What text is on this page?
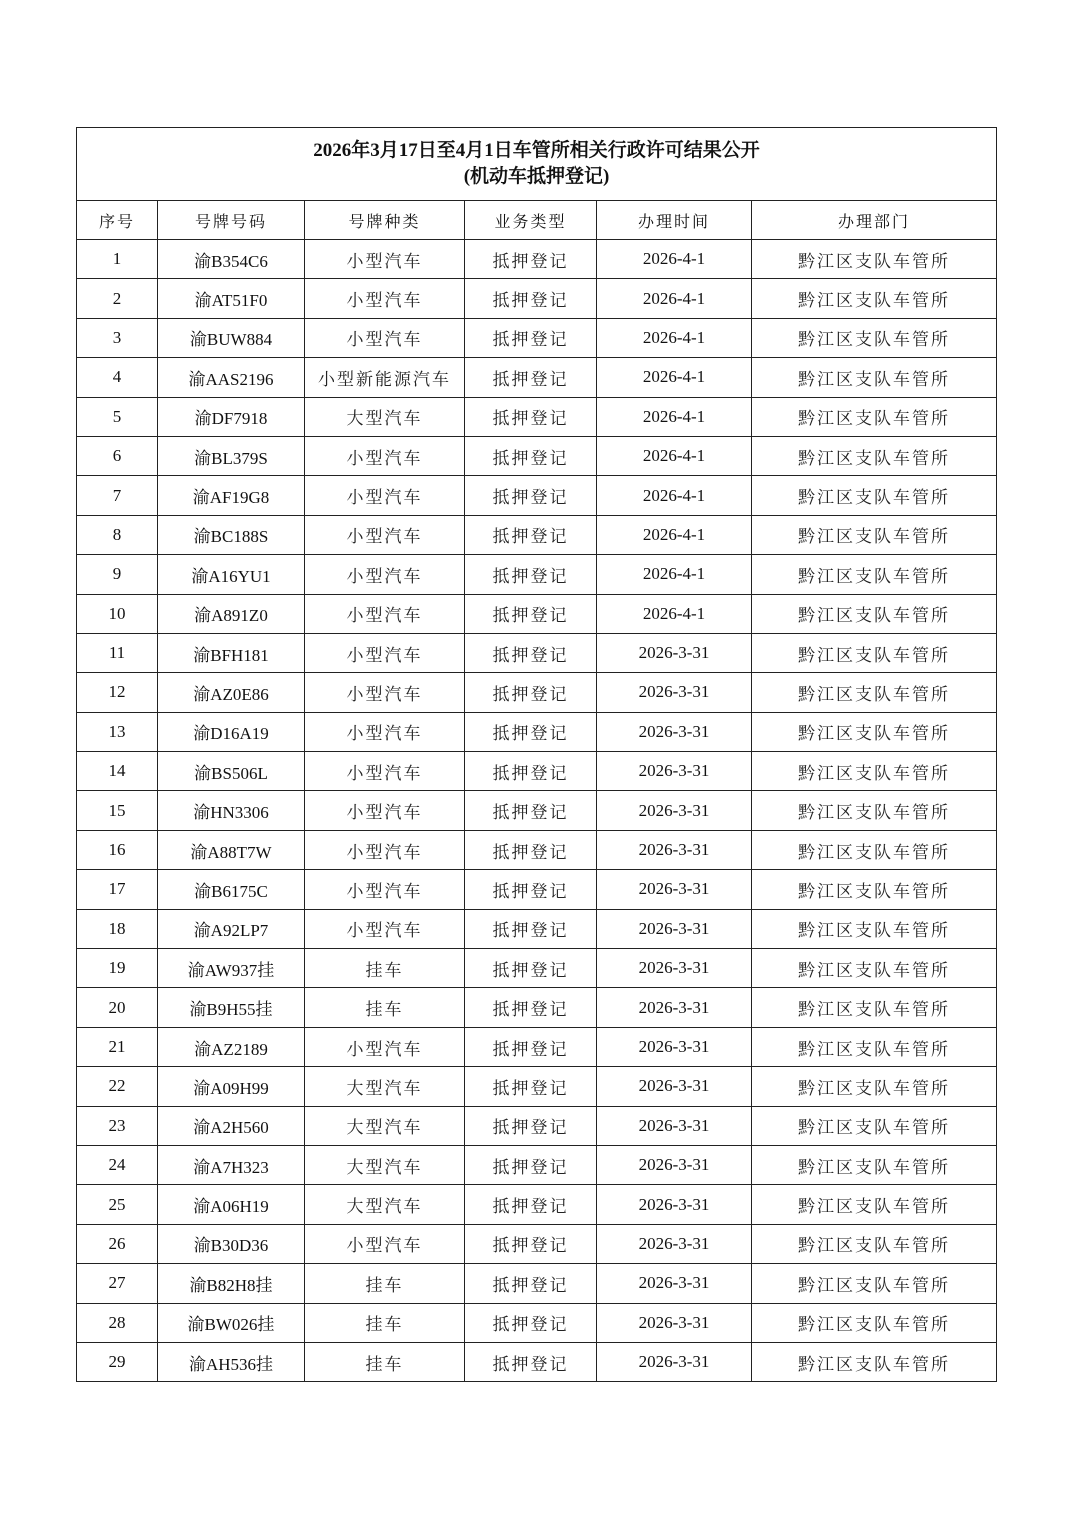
2026年3月17日至4月1日车管所相关行政许可结果公开
(机动车抵押登记)					

序号	号牌号码	号牌种类	业务类型	办理时间	办理部门
1	渝B354C6	小型汽车	抵押登记	2026-4-1	黔江区支队车管所
2	渝AT51F0	小型汽车	抵押登记	2026-4-1	黔江区支队车管所
3	渝BUW884	小型汽车	抵押登记	2026-4-1	黔江区支队车管所
4	渝AAS2196	小型新能源汽车	抵押登记	2026-4-1	黔江区支队车管所
5	渝DF7918	大型汽车	抵押登记	2026-4-1	黔江区支队车管所
6	渝BL379S	小型汽车	抵押登记	2026-4-1	黔江区支队车管所
7	渝AF19G8	小型汽车	抵押登记	2026-4-1	黔江区支队车管所
8	渝BC188S	小型汽车	抵押登记	2026-4-1	黔江区支队车管所
9	渝A16YU1	小型汽车	抵押登记	2026-4-1	黔江区支队车管所
10	渝A891Z0	小型汽车	抵押登记	2026-4-1	黔江区支队车管所
11	渝BFH181	小型汽车	抵押登记	2026-3-31	黔江区支队车管所
12	渝AZ0E86	小型汽车	抵押登记	2026-3-31	黔江区支队车管所
13	渝D16A19	小型汽车	抵押登记	2026-3-31	黔江区支队车管所
14	渝BS506L	小型汽车	抵押登记	2026-3-31	黔江区支队车管所
15	渝HN3306	小型汽车	抵押登记	2026-3-31	黔江区支队车管所
16	渝A88T7W	小型汽车	抵押登记	2026-3-31	黔江区支队车管所
17	渝B6175C	小型汽车	抵押登记	2026-3-31	黔江区支队车管所
18	渝A92LP7	小型汽车	抵押登记	2026-3-31	黔江区支队车管所
19	渝AW937挂	挂车	抵押登记	2026-3-31	黔江区支队车管所
20	渝B9H55挂	挂车	抵押登记	2026-3-31	黔江区支队车管所
21	渝AZ2189	小型汽车	抵押登记	2026-3-31	黔江区支队车管所
22	渝A09H99	大型汽车	抵押登记	2026-3-31	黔江区支队车管所
23	渝A2H560	大型汽车	抵押登记	2026-3-31	黔江区支队车管所
24	渝A7H323	大型汽车	抵押登记	2026-3-31	黔江区支队车管所
25	渝A06H19	大型汽车	抵押登记	2026-3-31	黔江区支队车管所
26	渝B30D36	小型汽车	抵押登记	2026-3-31	黔江区支队车管所
27	渝B82H8挂	挂车	抵押登记	2026-3-31	黔江区支队车管所
28	渝BW026挂	挂车	抵押登记	2026-3-31	黔江区支队车管所
29	渝AH536挂	挂车	抵押登记	2026-3-31	黔江区支队车管所
